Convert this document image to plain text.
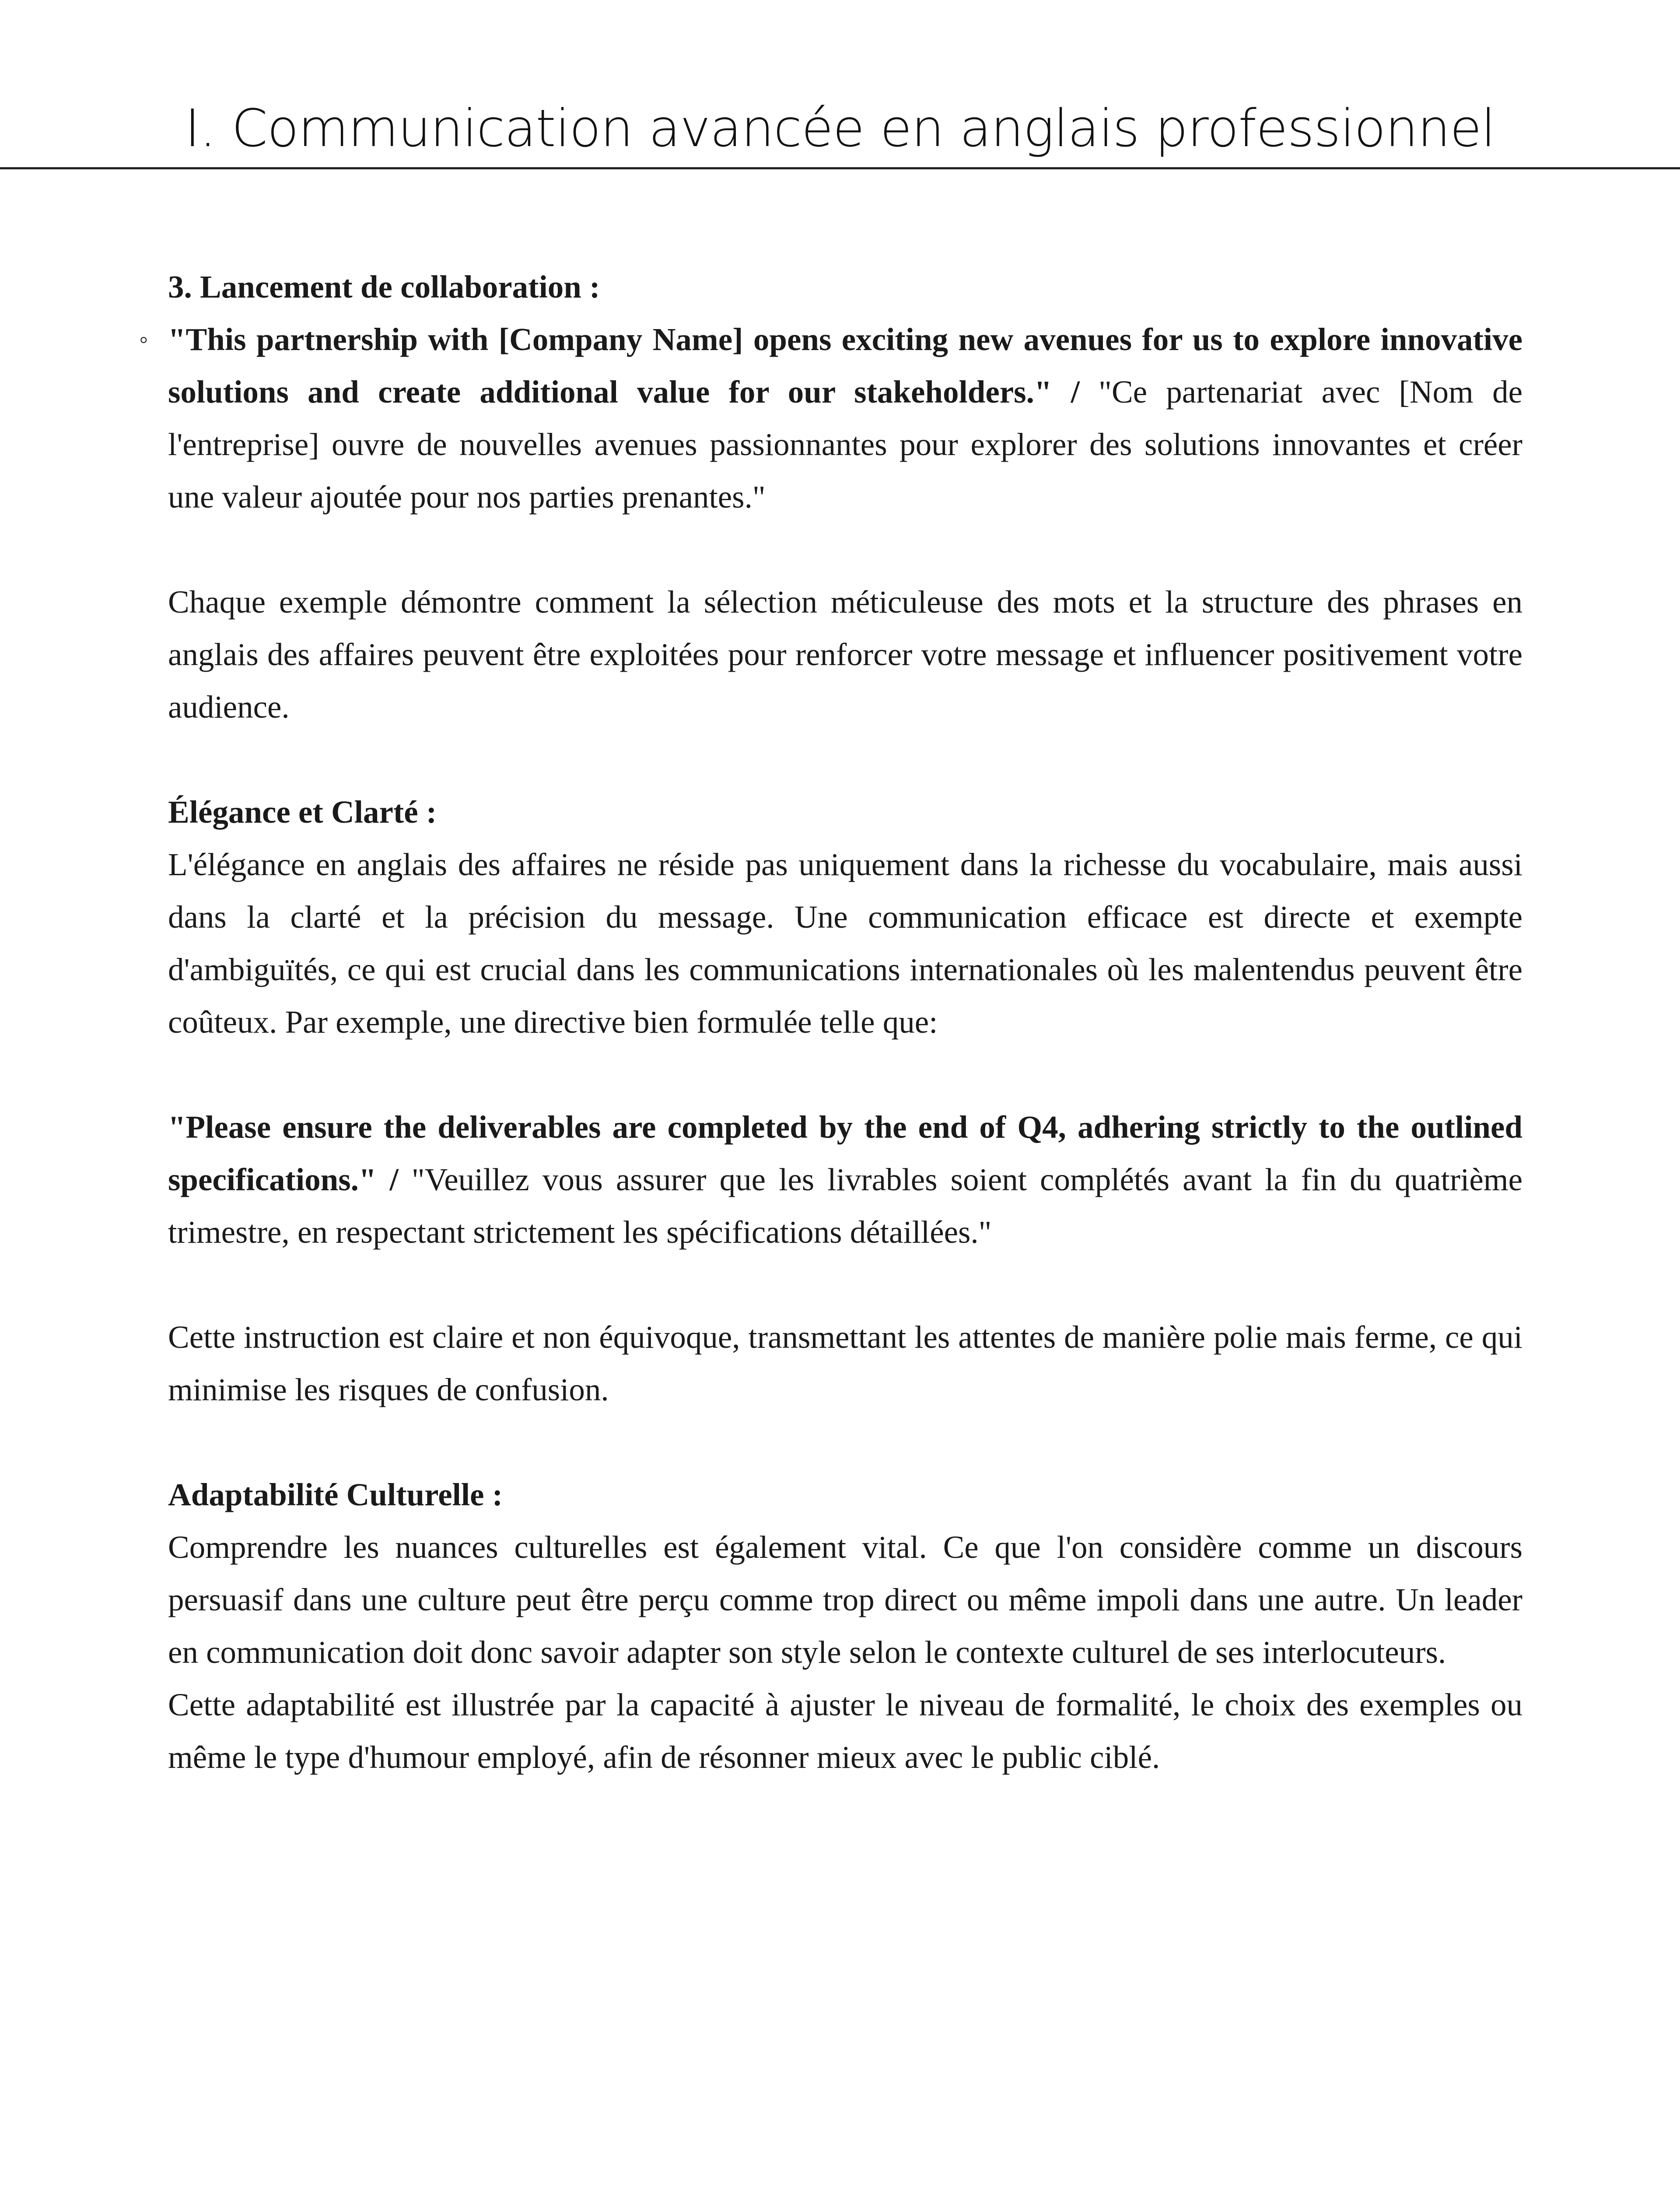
I. Communication avancée en anglais professionnel

3. Lancement de collaboration :

◦ "This partnership with [Company Name] opens exciting new avenues for us to explore innovative solutions and create additional value for our stakeholders." / "Ce partenariat avec [Nom de l'entreprise] ouvre de nouvelles avenues passionnantes pour explorer des solutions innovantes et créer une valeur ajoutée pour nos parties prenantes."

Chaque exemple démontre comment la sélection méticuleuse des mots et la structure des phrases en anglais des affaires peuvent être exploitées pour renforcer votre message et influencer positivement votre audience.

Élégance et Clarté :

L'élégance en anglais des affaires ne réside pas uniquement dans la richesse du vocabulaire, mais aussi dans la clarté et la précision du message. Une communication efficace est directe et exempte d'ambiguïtés, ce qui est crucial dans les communications internationales où les malentendus peuvent être coûteux. Par exemple, une directive bien formulée telle que:

"Please ensure the deliverables are completed by the end of Q4, adhering strictly to the outlined specifications." / "Veuillez vous assurer que les livrables soient complétés avant la fin du quatrième trimestre, en respectant strictement les spécifications détaillées."

Cette instruction est claire et non équivoque, transmettant les attentes de manière polie mais ferme, ce qui minimise les risques de confusion.

Adaptabilité Culturelle :

Comprendre les nuances culturelles est également vital. Ce que l'on considère comme un discours persuasif dans une culture peut être perçu comme trop direct ou même impoli dans une autre. Un leader en communication doit donc savoir adapter son style selon le contexte culturel de ses interlocuteurs.

Cette adaptabilité est illustrée par la capacité à ajuster le niveau de formalité, le choix des exemples ou même le type d'humour employé, afin de résonner mieux avec le public ciblé.
